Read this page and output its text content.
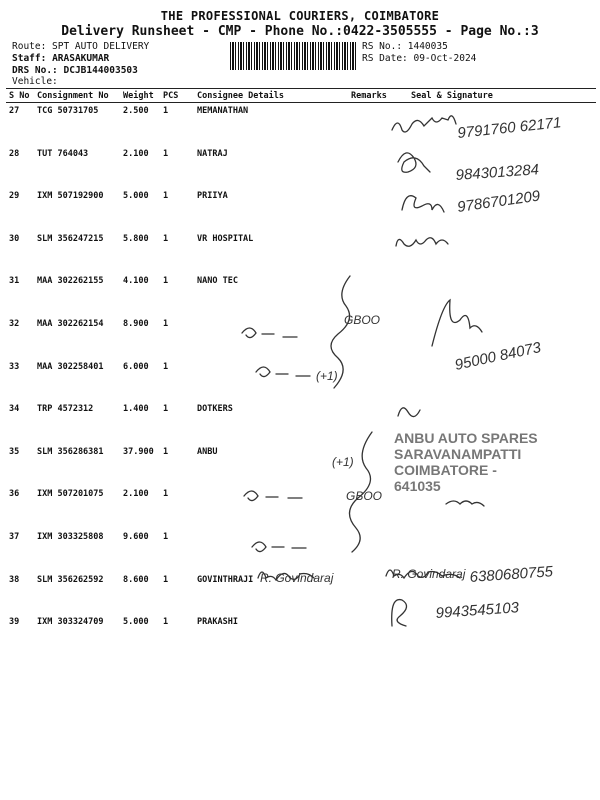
THE PROFESSIONAL COURIERS, COIMBATORE
Delivery Runsheet - CMP - Phone No.:0422-3505555 - Page No.:3
Route: SPT AUTO DELIVERY
Staff: ARASAKUMAR
DRS No.: DCJB144003503
Vehicle:
RS No.: 1440035
RS Date: 09-Oct-2024
S No	Consignment No	Weight	PCS	Consignee Details	Remarks	Seal & Signature
27	TCG 50731705	2.500	1	MEMANATHAN		
28	TUT 764043	2.100	1	NATRAJ		
29	IXM 507192900	5.000	1	PRIIYA		
30	SLM 356247215	5.800	1	VR HOSPITAL		
31	MAA 302262155	4.100	1	NANO TEC		
32	MAA 302262154	8.900	1			
33	MAA 302258401	6.000	1			
34	TRP 4572312	1.400	1	DOTKERS		
35	SLM 356286381	37.900	1	ANBU		
36	IXM 507201075	2.100	1			
37	IXM 303325808	9.600	1			
38	SLM 356262592	8.600	1	GOVINTHRAJI		
39	IXM 303324709	5.000	1	PRAKASHI		
9791760 62171
9843013284
9786701209
95000 84073
6380680755
9943545103
GBOO
(+1)
GBOO
(+1)
R. Govindaraj	R. Govindaraj
ANBU AUTO SPARES
SARAVANAMPATTI
COIMBATORE - 641035
